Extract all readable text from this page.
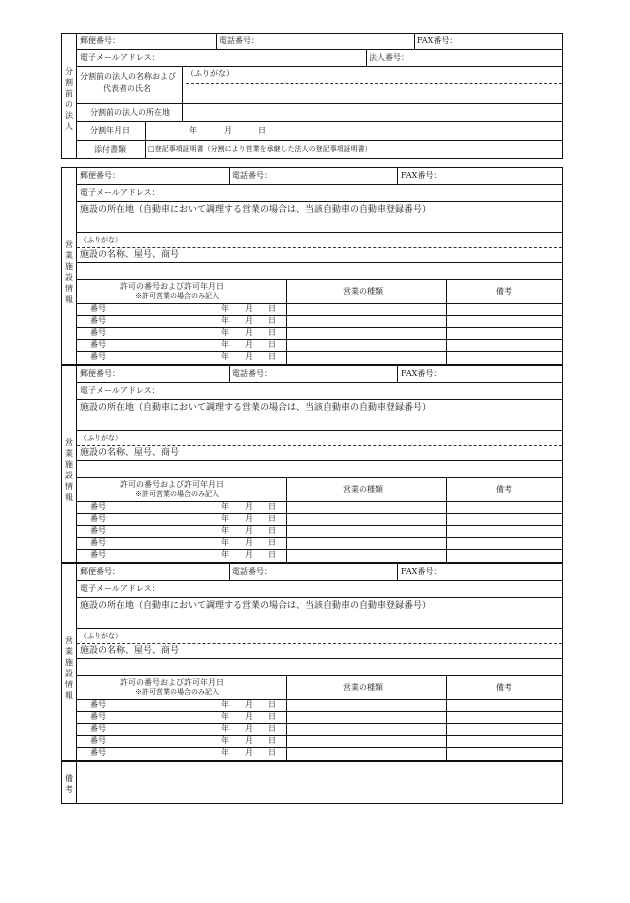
分割前の法人
郵便番号：	電話番号：	FAX番号：
電子メールアドレス：	法人番号：
分割前の法人の名称および
代表者の氏名
（ふりがな）
分割前の法人の所在地
分割年月日	年	月	日
添付書類	□登記事項証明書（分割により営業を承継した法人の登記事項証明書）
営業施設情報
郵便番号：	電話番号：	FAX番号：
電子メールアドレス：
施設の所在地（自動車において調理する営業の場合は、当該自動車の自動車登録番号）
（ふりがな）
施設の名称、屋号、商号
許可の番号および許可年月日
※許可営業の場合のみ記入	営業の種類	備考
番号	年 月 日
番号	年 月 日
番号	年 月 日
番号	年 月 日
番号	年 月 日
営業施設情報
郵便番号：	電話番号：	FAX番号：
電子メールアドレス：
施設の所在地（自動車において調理する営業の場合は、当該自動車の自動車登録番号）
（ふりがな）
施設の名称、屋号、商号
許可の番号および許可年月日
※許可営業の場合のみ記入	営業の種類	備考
番号	年 月 日
番号	年 月 日
番号	年 月 日
番号	年 月 日
番号	年 月 日
営業施設情報
郵便番号：	電話番号：	FAX番号：
電子メールアドレス：
施設の所在地（自動車において調理する営業の場合は、当該自動車の自動車登録番号）
（ふりがな）
施設の名称、屋号、商号
許可の番号および許可年月日
※許可営業の場合のみ記入	営業の種類	備考
番号	年 月 日
番号	年 月 日
番号	年 月 日
番号	年 月 日
番号	年 月 日
備考
